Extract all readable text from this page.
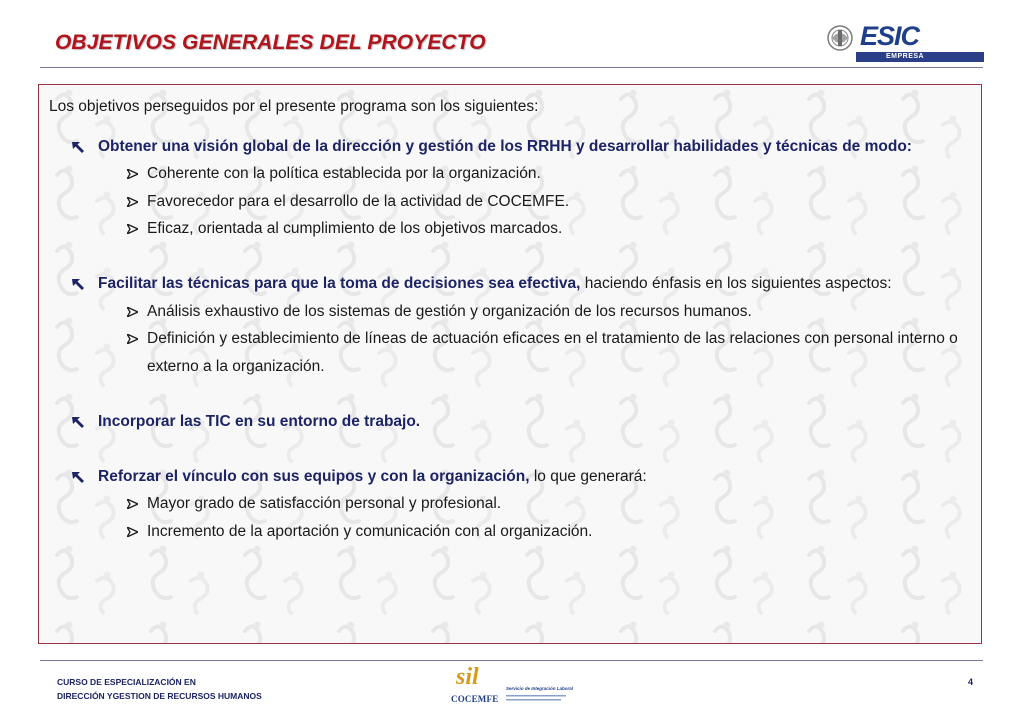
OBJETIVOS GENERALES DEL PROYECTO	ESIC
EMPRESA

Los objetivos perseguidos por el presente programa son los siguientes:

Obtener una visión global de la dirección y gestión de los RRHH y desarrollar habilidades y técnicas de modo:
Coherente con la política establecida por la organización.
Favorecedor para el desarrollo de la actividad de COCEMFE.
Eficaz, orientada al cumplimiento de los objetivos marcados.
Facilitar las técnicas para que la toma de decisiones sea efectiva, haciendo énfasis en los siguientes aspectos:
Análisis exhaustivo de los sistemas de gestión y organización de los recursos humanos.
Definición y establecimiento de líneas de actuación eficaces en el tratamiento de las relaciones con personal interno o externo a la organización.
Incorporar las TIC en su entorno de trabajo.
Reforzar el vínculo con sus equipos y con la organización, lo que generará:
Mayor grado de satisfacción personal y profesional.
Incremento de la aportación y comunicación con al organización.
CURSO DE ESPECIALIZACIÓN EN
DIRECCIÓN YGESTION DE RECURSOS HUMANOS
sil	Servicio de Integración Laboral
COCEMFE
4
